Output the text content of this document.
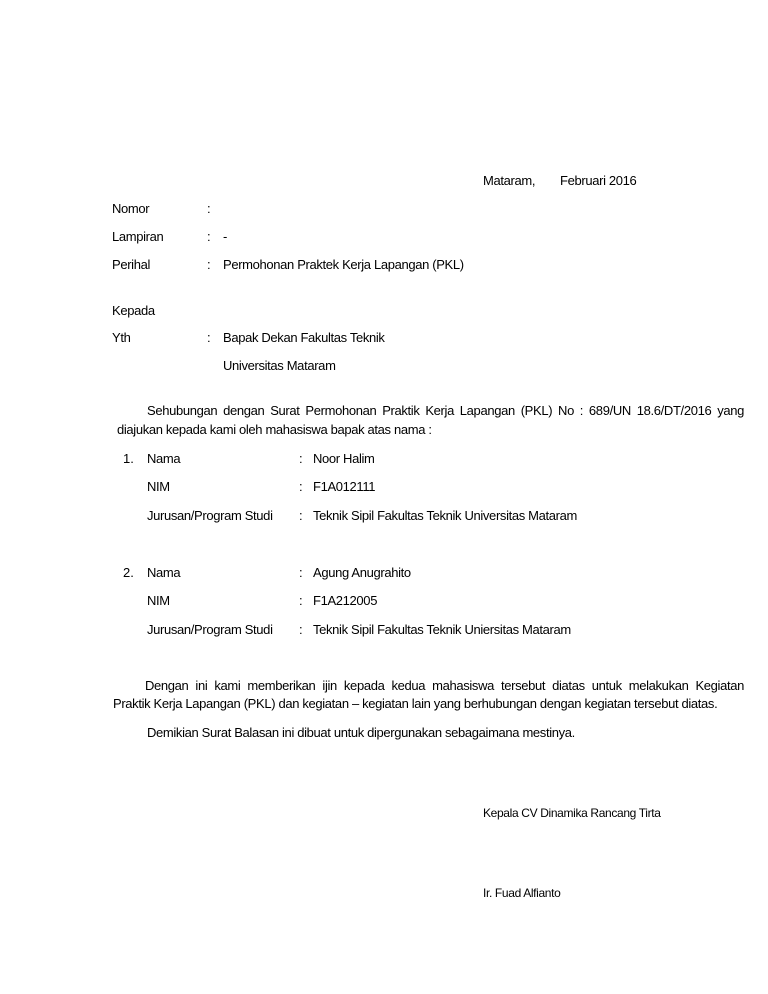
Mataram, Februari 2016
Nomor	:
Lampiran	: -
Perihal	: Permohonan Praktek Kerja Lapangan (PKL)
Kepada
Yth	: Bapak Dekan Fakultas Teknik
Universitas Mataram
Sehubungan dengan Surat Permohonan Praktik Kerja Lapangan (PKL) No : 689/UN 18.6/DT/2016 yang
diajukan kepada kami oleh mahasiswa bapak atas nama :
1. Nama	: Noor Halim
NIM	: F1A012111
Jurusan/Program Studi : Teknik Sipil Fakultas Teknik Universitas Mataram
2. Nama	: Agung Anugrahito
NIM	: F1A212005
Jurusan/Program Studi : Teknik Sipil Fakultas Teknik Uniersitas Mataram
Dengan ini kami memberikan ijin kepada kedua mahasiswa tersebut diatas untuk melakukan Kegiatan
Praktik Kerja Lapangan (PKL) dan kegiatan – kegiatan lain yang berhubungan dengan kegiatan tersebut diatas.
Demikian Surat Balasan ini dibuat untuk dipergunakan sebagaimana mestinya.
Kepala CV Dinamika Rancang Tirta
Ir. Fuad Alfianto
